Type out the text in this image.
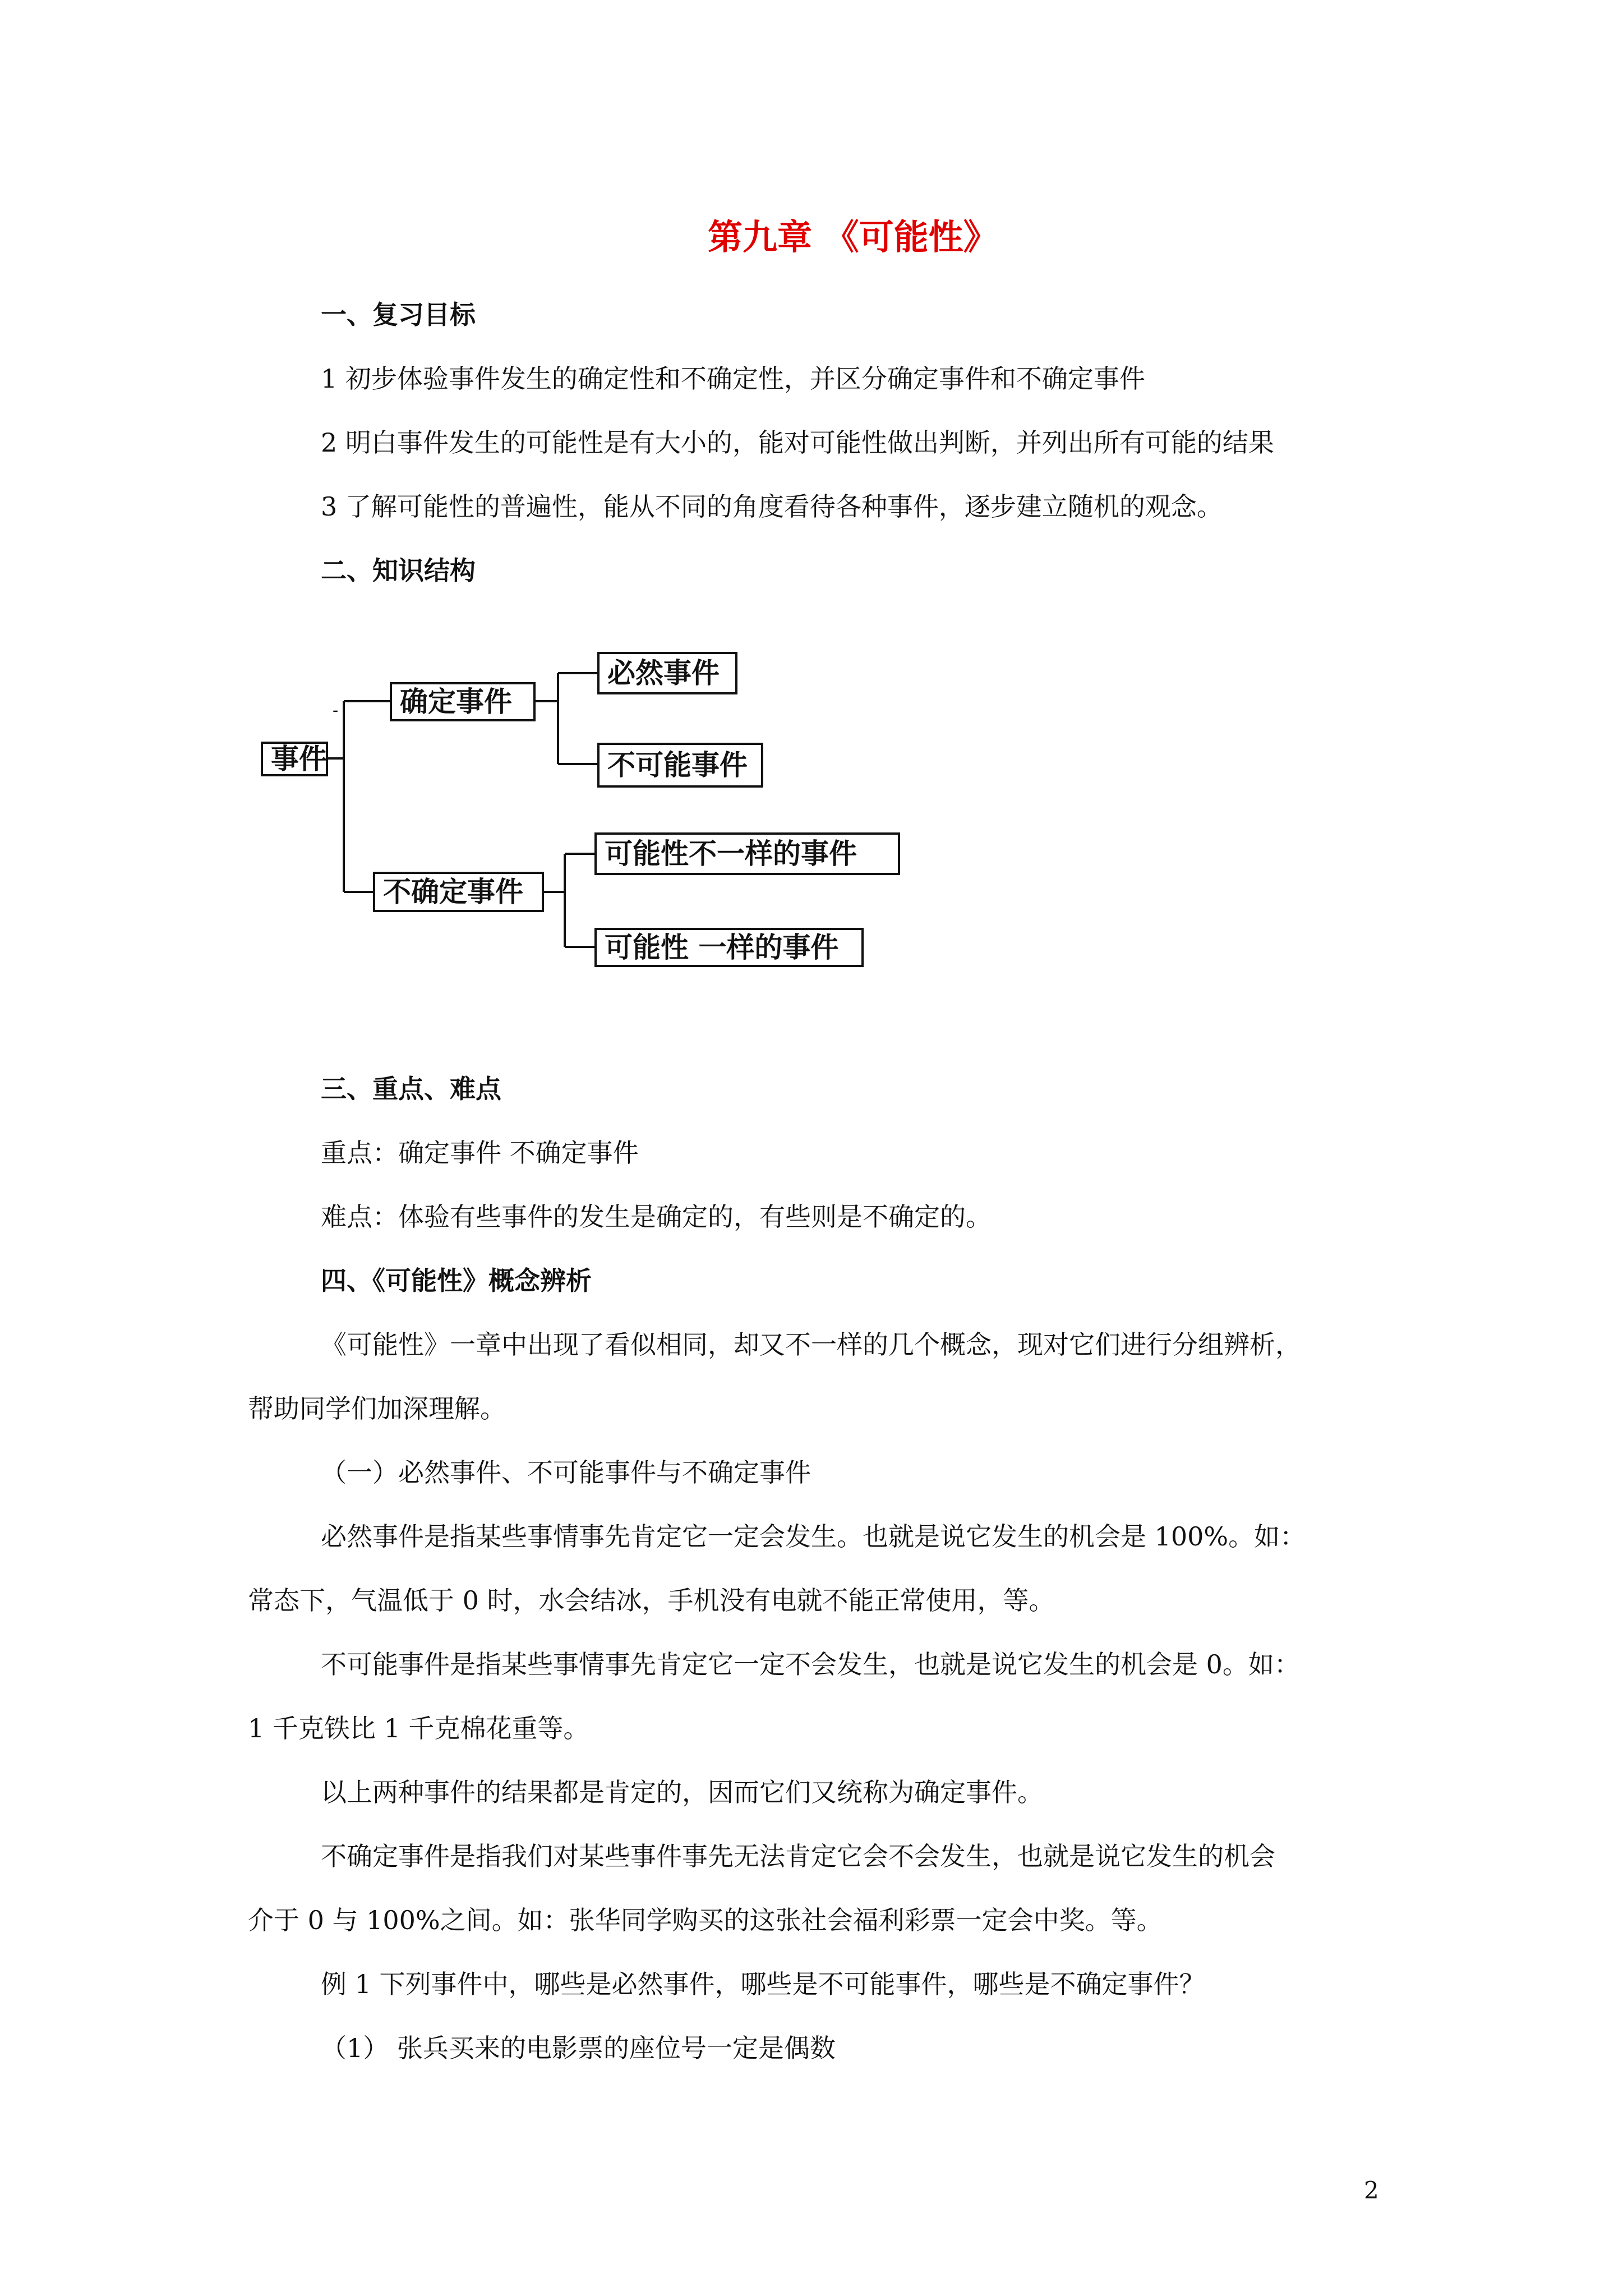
第九章 《可能性》

一、复习目标

1 初步体验事件发生的确定性和不确定性，并区分确定事件和不确定事件

2 明白事件发生的可能性是有大小的，能对可能性做出判断，并列出所有可能的结果

3 了解可能性的普遍性，能从不同的角度看待各种事件，逐步建立随机的观念。

二、知识结构

-
事件
确定事件
必然事件
不可能事件
不确定事件
可能性不一样的事件
可能性 一样的事件

三、重点、难点

重点：确定事件 不确定事件

难点：体验有些事件的发生是确定的，有些则是不确定的。

四、《可能性》概念辨析

《可能性》一章中出现了看似相同，却又不一样的几个概念，现对它们进行分组辨析，

帮助同学们加深理解。

（一）必然事件、不可能事件与不确定事件

必然事件是指某些事情事先肯定它一定会发生。也就是说它发生的机会是 100%。如：

常态下，气温低于 0 时，水会结冰，手机没有电就不能正常使用，等。

不可能事件是指某些事情事先肯定它一定不会发生，也就是说它发生的机会是 0。如：

1 千克铁比 1 千克棉花重等。

以上两种事件的结果都是肯定的，因而它们又统称为确定事件。

不确定事件是指我们对某些事件事先无法肯定它会不会发生，也就是说它发生的机会

介于 0 与 100%之间。如：张华同学购买的这张社会福利彩票一定会中奖。等。

例 1 下列事件中，哪些是必然事件，哪些是不可能事件，哪些是不确定事件？

（1） 张兵买来的电影票的座位号一定是偶数

2
